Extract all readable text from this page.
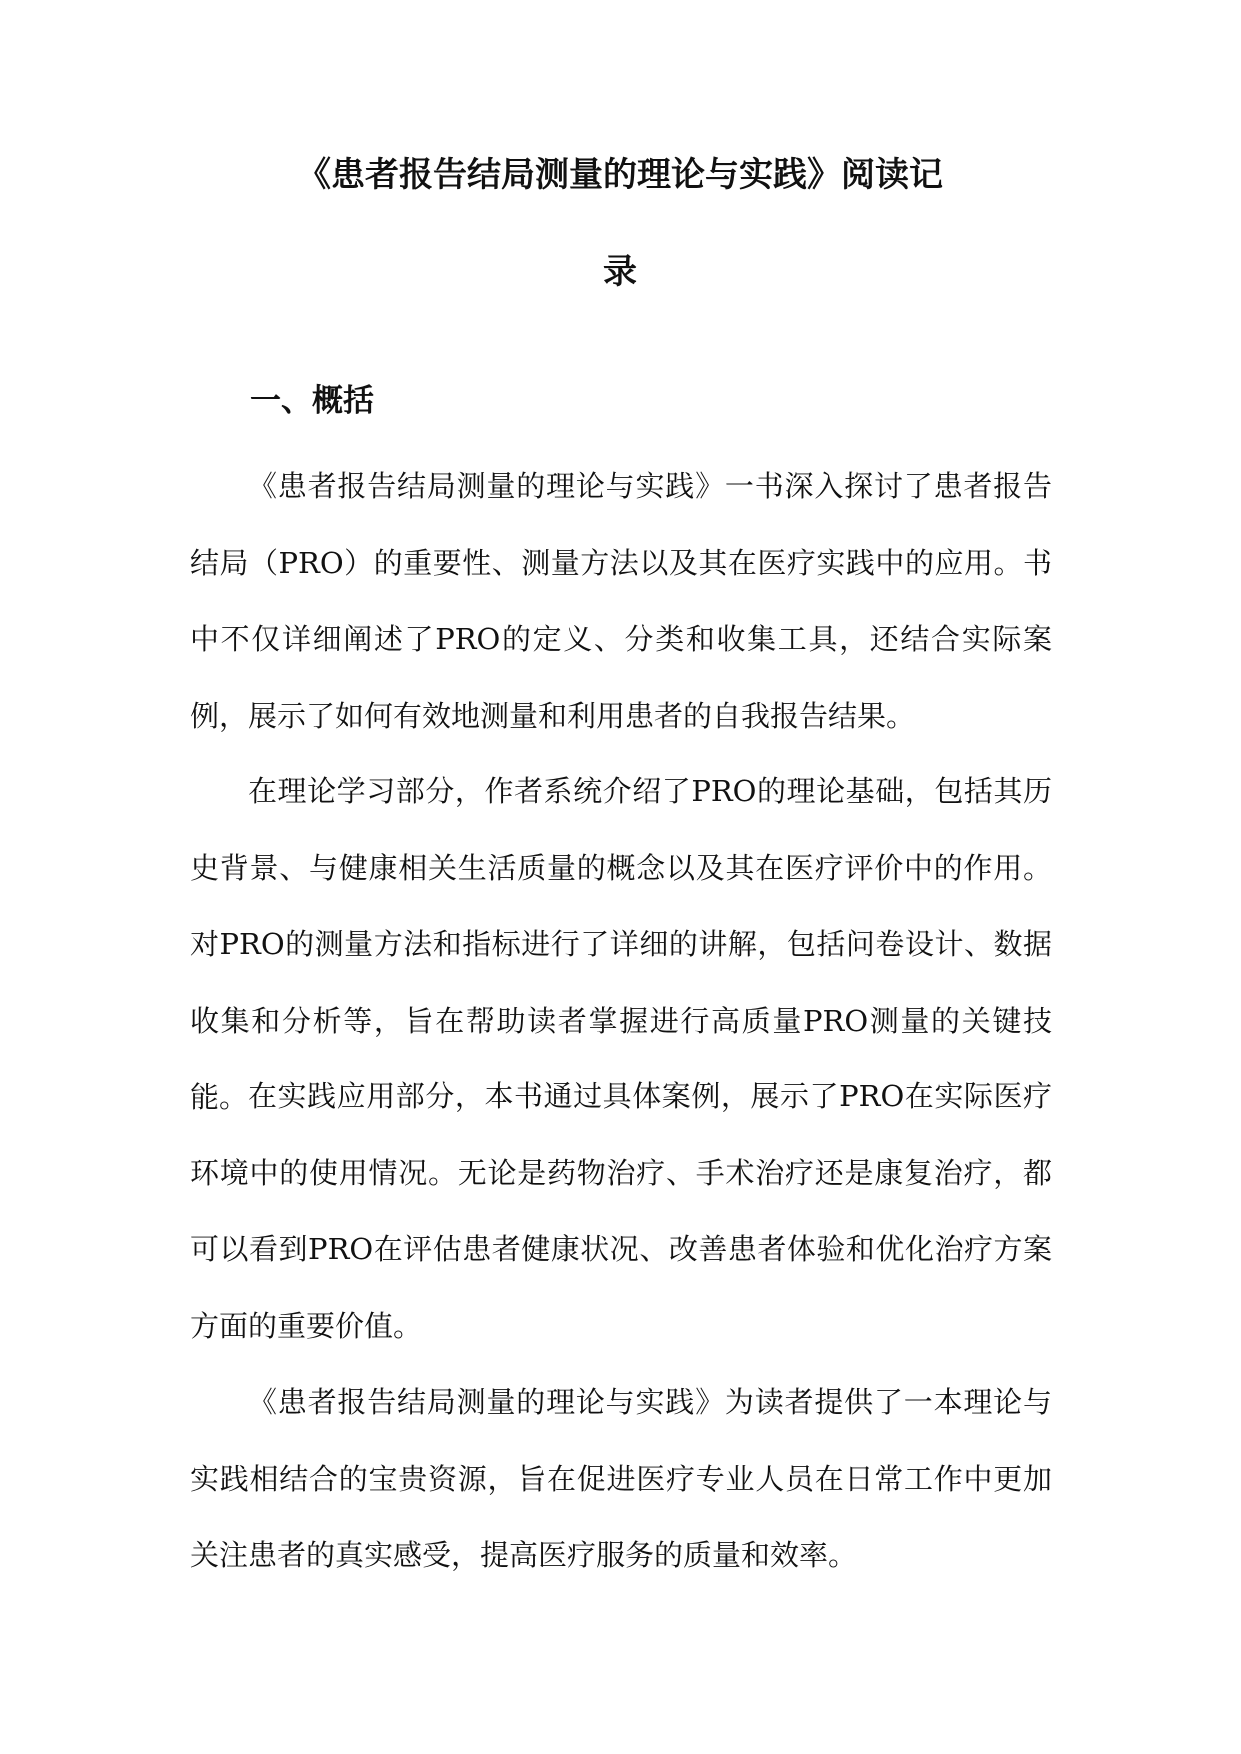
《患者报告结局测量的理论与实践》阅读记
录
一、概括

《患者报告结局测量的理论与实践》一书深入探讨了患者报告结局（PRO）的重要性、测量方法以及其在医疗实践中的应用。书中不仅详细阐述了PRO的定义、分类和收集工具，还结合实际案例，展示了如何有效地测量和利用患者的自我报告结果。

在理论学习部分，作者系统介绍了PRO的理论基础，包括其历史背景、与健康相关生活质量的概念以及其在医疗评价中的作用。对PRO的测量方法和指标进行了详细的讲解，包括问卷设计、数据收集和分析等，旨在帮助读者掌握进行高质量PRO测量的关键技能。 在实践应用部分，本书通过具体案例，展示了PRO在实际医疗环境中的使用情况。无论是药物治疗、手术治疗还是康复治疗，都可以看到PRO在评估患者健康状况、改善患者体验和优化治疗方案方面的重要价值。

《患者报告结局测量的理论与实践》为读者提供了一本理论与实践相结合的宝贵资源，旨在促进医疗专业人员在日常工作中更加关注患者的真实感受，提高医疗服务的质量和效率。
